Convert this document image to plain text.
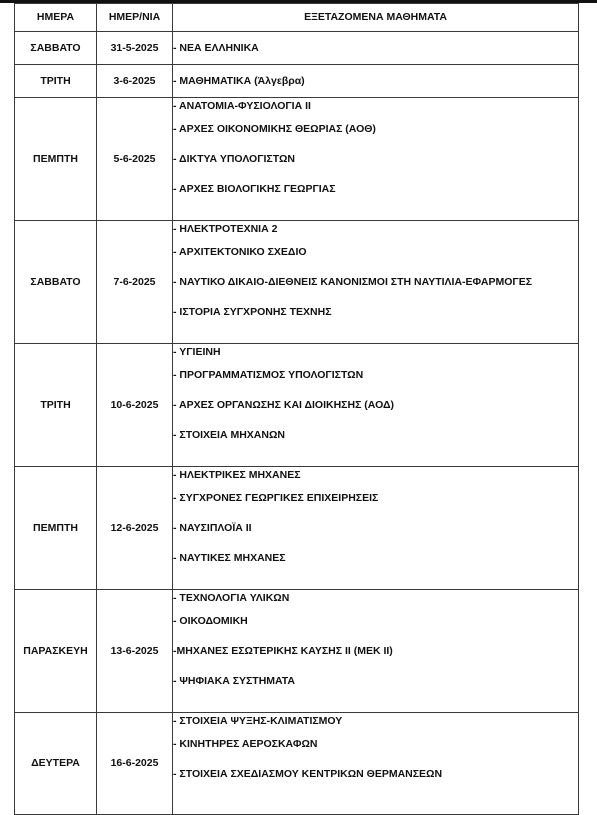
ΗΜΕΡΑ	ΗΜΕΡ/ΝΙΑ	ΕΞΕΤΑΖΟΜΕΝΑ ΜΑΘΗΜΑΤΑ
ΣΑΒΒΑΤΟ	31-5-2025	- ΝΕΑ ΕΛΛΗΝΙΚΑ

ΤΡΙΤΗ	3-6-2025	- ΜΑΘΗΜΑΤΙΚΑ (Άλγεβρα)

ΠΕΜΠΤΗ	5-6-2025	- ΑΝΑΤΟΜΙΑ-ΦΥΣΙΟΛΟΓΙΑ ΙΙ
- ΑΡΧΕΣ ΟΙΚΟΝΟΜΙΚΗΣ ΘΕΩΡΙΑΣ (ΑΟΘ)
- ΔΙΚΤΥΑ ΥΠΟΛΟΓΙΣΤΩΝ
- ΑΡΧΕΣ ΒΙΟΛΟΓΙΚΗΣ ΓΕΩΡΓΙΑΣ

ΣΑΒΒΑΤΟ	7-6-2025	- ΗΛΕΚΤΡΟΤΕΧΝΙΑ 2
- ΑΡΧΙΤΕΚΤΟΝΙΚΟ ΣΧΕΔΙΟ
- ΝΑΥΤΙΚΟ ΔΙΚΑΙΟ-ΔΙΕΘΝΕΙΣ ΚΑΝΟΝΙΣΜΟΙ ΣΤΗ ΝΑΥΤΙΛΙΑ-ΕΦΑΡΜΟΓΕΣ
- ΙΣΤΟΡΙΑ ΣΥΓΧΡΟΝΗΣ ΤΕΧΝΗΣ

ΤΡΙΤΗ	10-6-2025	- ΥΓΙΕΙΝΗ
- ΠΡΟΓΡΑΜΜΑΤΙΣΜΟΣ ΥΠΟΛΟΓΙΣΤΩΝ
- ΑΡΧΕΣ ΟΡΓΑΝΩΣΗΣ ΚΑΙ ΔΙΟΙΚΗΣΗΣ (ΑΟΔ)
- ΣΤΟΙΧΕΙΑ ΜΗΧΑΝΩΝ

ΠΕΜΠΤΗ	12-6-2025	- ΗΛΕΚΤΡΙΚΕΣ ΜΗΧΑΝΕΣ
- ΣΥΓΧΡΟΝΕΣ ΓΕΩΡΓΙΚΕΣ ΕΠΙΧΕΙΡΗΣΕΙΣ
- ΝΑΥΣΙΠΛΟΪΑ ΙΙ
- ΝΑΥΤΙΚΕΣ ΜΗΧΑΝΕΣ

ΠΑΡΑΣΚΕΥΗ	13-6-2025	- ΤΕΧΝΟΛΟΓΙΑ ΥΛΙΚΩΝ
- ΟΙΚΟΔΟΜΙΚΗ
-ΜΗΧΑΝΕΣ ΕΣΩΤΕΡΙΚΗΣ ΚΑΥΣΗΣ ΙΙ (ΜΕΚ ΙΙ)
- ΨΗΦΙΑΚΑ ΣΥΣΤΗΜΑΤΑ

ΔΕΥΤΕΡΑ	16-6-2025	- ΣΤΟΙΧΕΙΑ ΨΥΞΗΣ-ΚΛΙΜΑΤΙΣΜΟΥ
- ΚΙΝΗΤΗΡΕΣ ΑΕΡΟΣΚΑΦΩΝ
- ΣΤΟΙΧΕΙΑ ΣΧΕΔΙΑΣΜΟΥ ΚΕΝΤΡΙΚΩΝ ΘΕΡΜΑΝΣΕΩΝ
